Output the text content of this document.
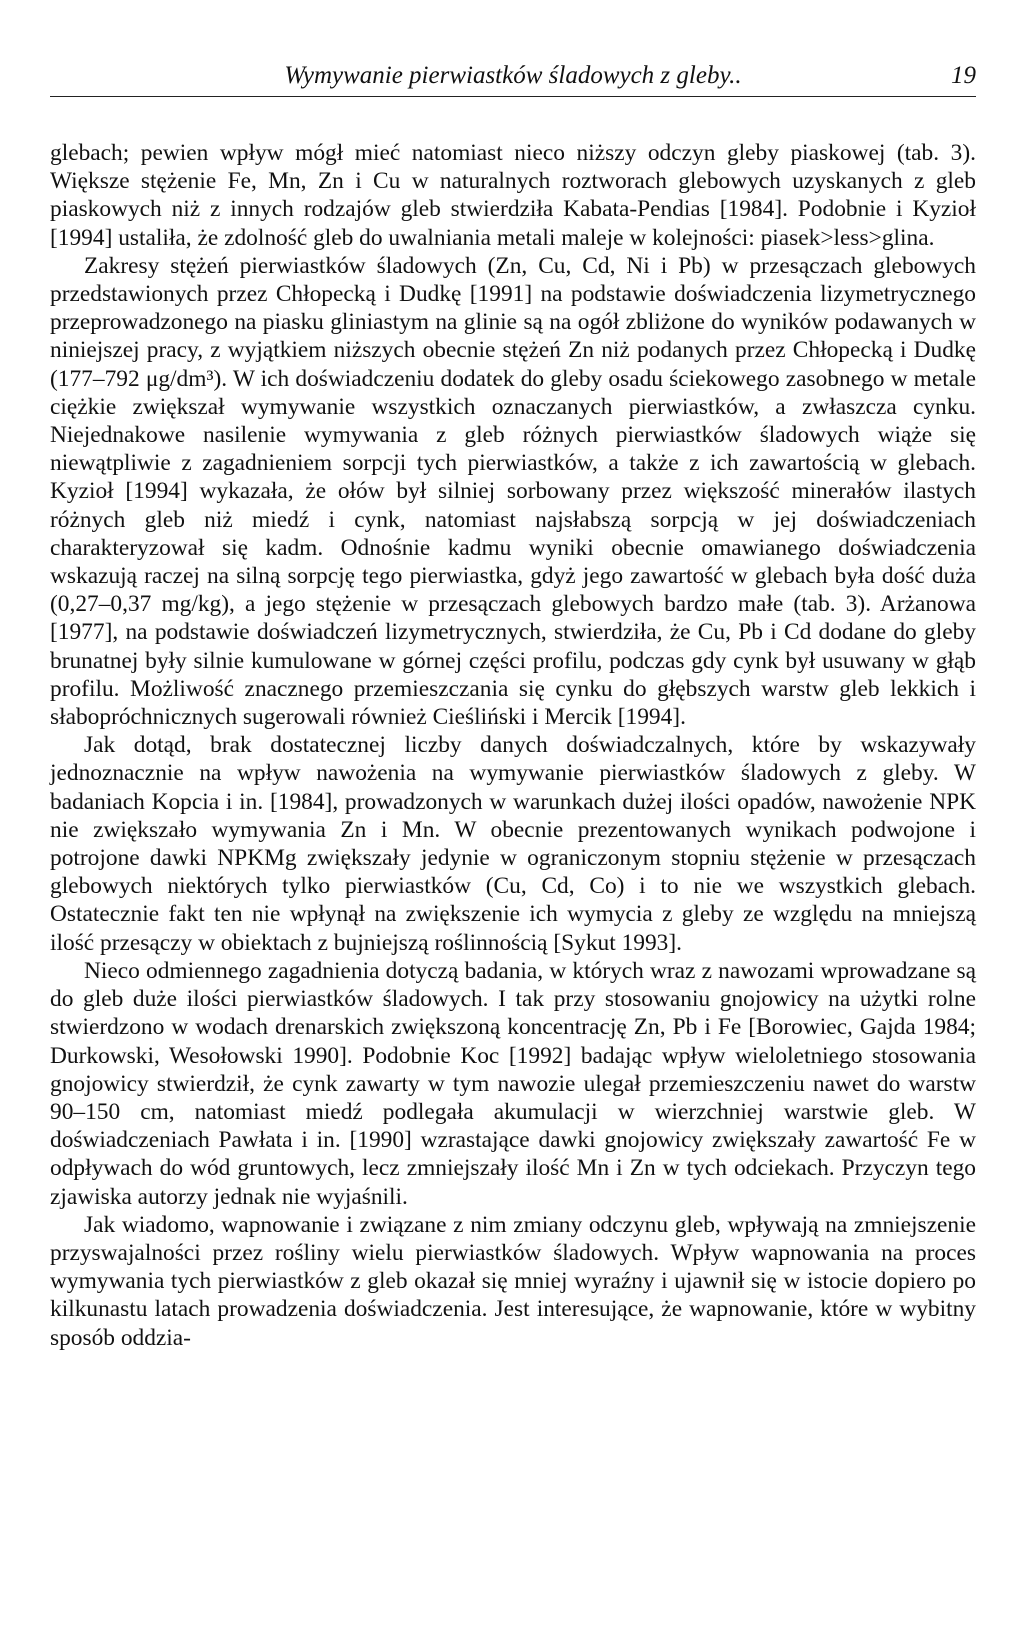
Wymywanie pierwiastków śladowych z gleby..	19

glebach; pewien wpływ mógł mieć natomiast nieco niższy odczyn gleby piaskowej (tab. 3). Większe stężenie Fe, Mn, Zn i Cu w naturalnych roztworach glebowych uzyskanych z gleb piaskowych niż z innych rodzajów gleb stwierdziła Kabata-Pendias [1984]. Podobnie i Kyzioł [1994] ustaliła, że zdolność gleb do uwalniania metali maleje w kolejności: piasek>less>glina.

Zakresy stężeń pierwiastków śladowych (Zn, Cu, Cd, Ni i Pb) w przesączach glebowych przedstawionych przez Chłopecką i Dudkę [1991] na podstawie doświadczenia lizymetrycznego przeprowadzonego na piasku gliniastym na glinie są na ogół zbliżone do wyników podawanych w niniejszej pracy, z wyjątkiem niższych obecnie stężeń Zn niż podanych przez Chłopecką i Dudkę (177–792 μg/dm³). W ich doświadczeniu dodatek do gleby osadu ściekowego zasobnego w metale ciężkie zwiększał wymywanie wszystkich oznaczanych pierwiastków, a zwłaszcza cynku. Niejednakowe nasilenie wymywania z gleb różnych pierwiastków śladowych wiąże się niewątpliwie z zagadnieniem sorpcji tych pierwiastków, a także z ich zawartością w glebach. Kyzioł [1994] wykazała, że ołów był silniej sorbowany przez większość minerałów ilastych różnych gleb niż miedź i cynk, natomiast najsłabszą sorpcją w jej doświadczeniach charakteryzował się kadm. Odnośnie kadmu wyniki obecnie omawianego doświadczenia wskazują raczej na silną sorpcję tego pierwiastka, gdyż jego zawartość w glebach była dość duża (0,27–0,37 mg/kg), a jego stężenie w przesączach glebowych bardzo małe (tab. 3). Arżanowa [1977], na podstawie doświadczeń lizymetrycznych, stwierdziła, że Cu, Pb i Cd dodane do gleby brunatnej były silnie kumulowane w górnej części profilu, podczas gdy cynk był usuwany w głąb profilu. Możliwość znacznego przemieszczania się cynku do głębszych warstw gleb lekkich i słabopróchnicznych sugerowali również Cieśliński i Mercik [1994].

Jak dotąd, brak dostatecznej liczby danych doświadczalnych, które by wskazywały jednoznacznie na wpływ nawożenia na wymywanie pierwiastków śladowych z gleby. W badaniach Kopcia i in. [1984], prowadzonych w warunkach dużej ilości opadów, nawożenie NPK nie zwiększało wymywania Zn i Mn. W obecnie prezentowanych wynikach podwojone i potrojone dawki NPKMg zwiększały jedynie w ograniczonym stopniu stężenie w przesączach glebowych niektórych tylko pierwiastków (Cu, Cd, Co) i to nie we wszystkich glebach. Ostatecznie fakt ten nie wpłynął na zwiększenie ich wymycia z gleby ze względu na mniejszą ilość przesączy w obiektach z bujniejszą roślinnością [Sykut 1993].

Nieco odmiennego zagadnienia dotyczą badania, w których wraz z nawozami wprowadzane są do gleb duże ilości pierwiastków śladowych. I tak przy stosowaniu gnojowicy na użytki rolne stwierdzono w wodach drenarskich zwiększoną koncentrację Zn, Pb i Fe [Borowiec, Gajda 1984; Durkowski, Wesołowski 1990]. Podobnie Koc [1992] badając wpływ wieloletniego stosowania gnojowicy stwierdził, że cynk zawarty w tym nawozie ulegał przemieszczeniu nawet do warstw 90–150 cm, natomiast miedź podlegała akumulacji w wierzchniej warstwie gleb. W doświadczeniach Pawłata i in. [1990] wzrastające dawki gnojowicy zwiększały zawartość Fe w odpływach do wód gruntowych, lecz zmniejszały ilość Mn i Zn w tych odciekach. Przyczyn tego zjawiska autorzy jednak nie wyjaśnili.

Jak wiadomo, wapnowanie i związane z nim zmiany odczynu gleb, wpływają na zmniejszenie przyswajalności przez rośliny wielu pierwiastków śladowych. Wpływ wapnowania na proces wymywania tych pierwiastków z gleb okazał się mniej wyraźny i ujawnił się w istocie dopiero po kilkunastu latach prowadzenia doświadczenia. Jest interesujące, że wapnowanie, które w wybitny sposób oddzia-
